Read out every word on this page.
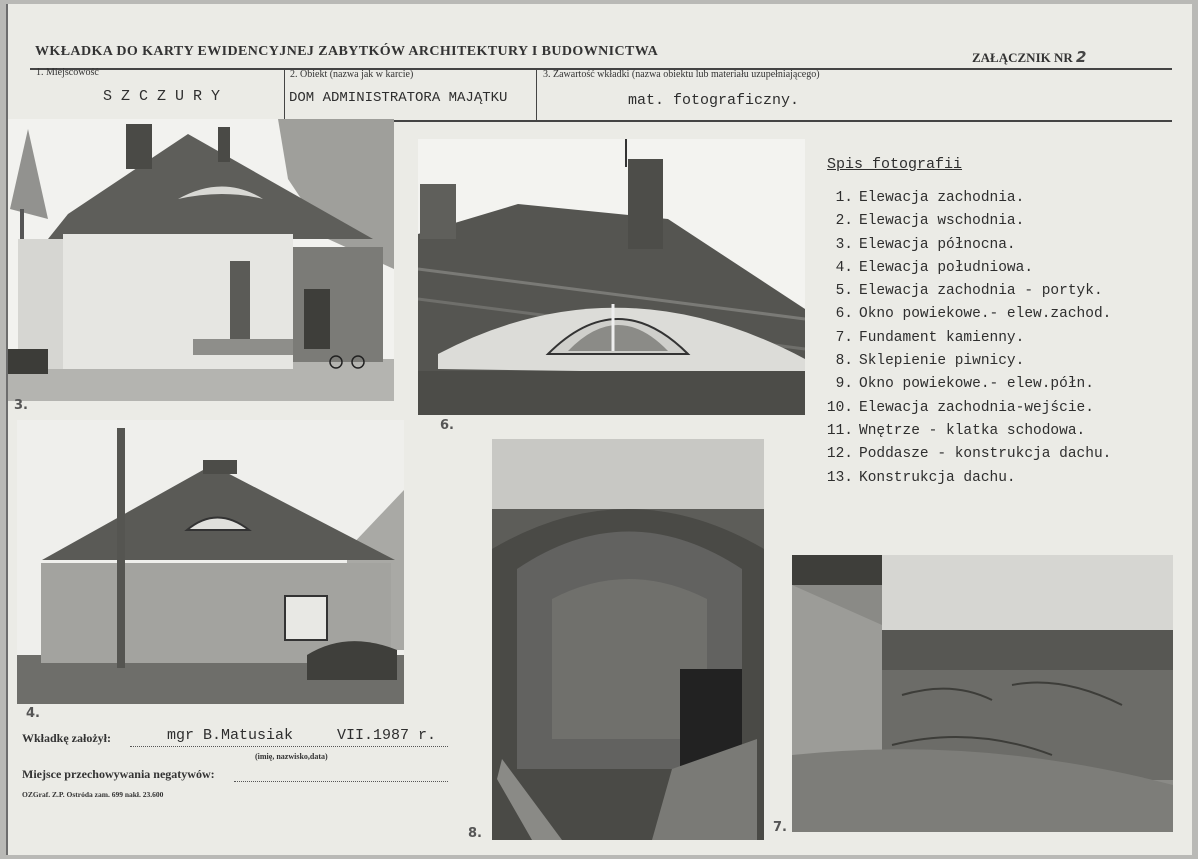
WKŁADKA DO KARTY EWIDENCYJNEJ ZABYTKÓW ARCHITEKTURY I BUDOWNICTWA	ZAŁĄCZNIK NR 2
1. Miejscowość
S Z C Z U R Y
2. Obiekt (nazwa jak w karcie)
DOM ADMINISTRATORA MAJĄTKU
3. Zawartość wkładki (nazwa obiektu lub materiału uzupełniającego)
mat. fotograficzny.
3.
6.
4.
8.	7.
Spis fotografii
1. Elewacja zachodnia.
2. Elewacja wschodnia.
3. Elewacja północna.
4. Elewacja południowa.
5. Elewacja zachodnia - portyk.
6. Okno powiekowe.- elew.zachod.
7. Fundament kamienny.
8. Sklepienie piwnicy.
9. Okno powiekowe.- elew.półn.
10. Elewacja zachodnia-wejście.
11. Wnętrze - klatka schodowa.
12. Poddasze - konstrukcja dachu.
13. Konstrukcja dachu.
Wkładkę założył:	mgr B.Matusiak	VII.1987 r.
(imię, nazwisko,data)
Miejsce przechowywania negatywów:
OZGraf. Z.P. Ostróda zam. 699 nakł. 23.600
